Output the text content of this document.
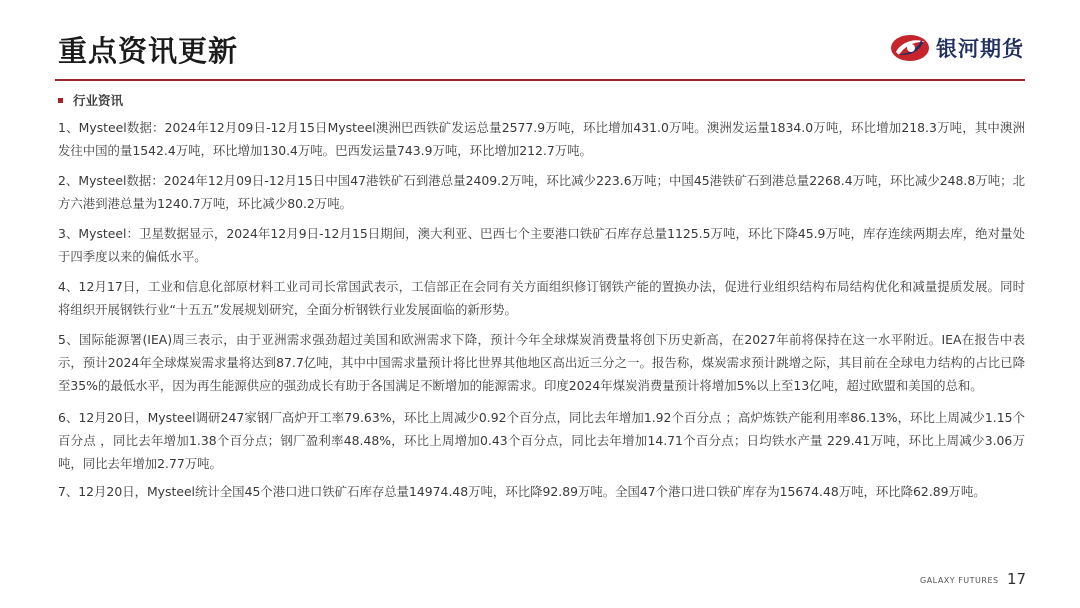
重点资讯更新	银河期货
行业资讯

1、Mysteel数据：2024年12月09日-12月15日Mysteel澳洲巴西铁矿发运总量2577.9万吨，环比增加431.0万吨。澳洲发运量1834.0万吨，环比增加218.3万吨，其中澳洲发往中国的量1542.4万吨，环比增加130.4万吨。巴西发运量743.9万吨，环比增加212.7万吨。

2、Mysteel数据：2024年12月09日-12月15日中国47港铁矿石到港总量2409.2万吨，环比减少223.6万吨；中国45港铁矿石到港总量2268.4万吨，环比减少248.8万吨；北方六港到港总量为1240.7万吨，环比减少80.2万吨。

3、Mysteel：卫星数据显示，2024年12月9日-12月15日期间，澳大利亚、巴西七个主要港口铁矿石库存总量1125.5万吨，环比下降45.9万吨，库存连续两期去库，绝对量处于四季度以来的偏低水平。

4、12月17日，工业和信息化部原材料工业司司长常国武表示，工信部正在会同有关方面组织修订钢铁产能的置换办法，促进行业组织结构布局结构优化和减量提质发展。同时将组织开展钢铁行业“十五五”发展规划研究，全面分析钢铁行业发展面临的新形势。

5、国际能源署(IEA)周三表示，由于亚洲需求强劲超过美国和欧洲需求下降，预计今年全球煤炭消费量将创下历史新高，在2027年前将保持在这一水平附近。IEA在报告中表示，预计2024年全球煤炭需求量将达到87.7亿吨，其中中国需求量预计将比世界其他地区高出近三分之一。报告称，煤炭需求预计跳增之际，其目前在全球电力结构的占比已降至35%的最低水平，因为再生能源供应的强劲成长有助于各国满足不断增加的能源需求。印度2024年煤炭消费量预计将增加5%以上至13亿吨，超过欧盟和美国的总和。

6、12月20日，Mysteel调研247家钢厂高炉开工率79.63%，环比上周减少0.92个百分点，同比去年增加1.92个百分点 ；高炉炼铁产能利用率86.13%，环比上周减少1.15个百分点 ，同比去年增加1.38个百分点；钢厂盈利率48.48%，环比上周增加0.43个百分点，同比去年增加14.71个百分点；日均铁水产量 229.41万吨，环比上周减少3.06万吨，同比去年增加2.77万吨。

7、12月20日，Mysteel统计全国45个港口进口铁矿石库存总量14974.48万吨，环比降92.89万吨。全国47个港口进口铁矿库存为15674.48万吨，环比降62.89万吨。

GALAXY FUTURES 17
